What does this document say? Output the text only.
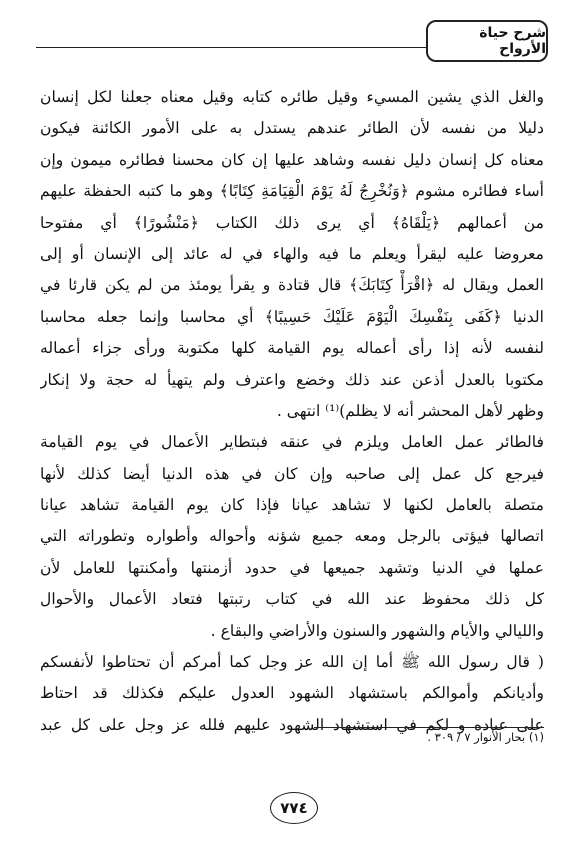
شرح حياة الأرواح
والغل الذي يشين المسيء وقيل طائره كتابه وقيل معناه جعلنا لكل إنسان
دليلا من نفسه لأن الطائر عندهم يستدل به على الأمور الكائنة فيكون
معناه كل إنسان دليل نفسه وشاهد عليها إن كان محسنا فطائره ميمون وإن
أساء فطائره مشوم ﴿وَنُخْرِجُ لَهُ يَوْمَ الْقِيَامَةِ كِتَابًا﴾ وهو ما كتبه الحفظة عليهم
من أعمالهم ﴿يَلْقَاهُ﴾ أي يرى ذلك الكتاب ﴿مَنْشُورًا﴾ أي مفتوحا
معروضا عليه ليقرأ ويعلم ما فيه والهاء في له عائد إلى الإنسان أو إلى
العمل ويقال له ﴿اقْرَأْ كِتَابَكَ﴾ قال قتادة و يقرأ يومئذ من لم يكن قارئا في
الدنيا ﴿كَفَى بِنَفْسِكَ الْيَوْمَ عَلَيْكَ حَسِيبًا﴾ أي محاسبا وإنما جعله محاسبا
لنفسه لأنه إذا رأى أعماله يوم القيامة كلها مكتوبة ورأى جزاء أعماله
مكتوبا بالعدل أذعن عند ذلك وخضع واعترف ولم يتهيأ له حجة ولا إنكار
وظهر لأهل المحشر أنه لا يظلم)⁽¹⁾ انتهى .
فالطائر عمل العامل ويلزم في عنقه فبتطاير الأعمال في يوم القيامة
فيرجع كل عمل إلى صاحبه وإن كان في هذه الدنيا أيضا كذلك لأنها
متصلة بالعامل لكنها لا تشاهد عيانا فإذا كان يوم القيامة تشاهد عيانا
اتصالها فيؤتى بالرجل ومعه جميع شؤنه وأحواله وأطواره وتطوراته التي
عملها في الدنيا وتشهد جميعها في حدود أزمنتها وأمكنتها للعامل لأن
كل ذلك محفوظ عند الله في كتاب رتبتها فتعاد الأعمال والأحوال
والليالي والأيام والشهور والسنون والأراضي والبقاع .
( قال رسول الله ﷺ أما إن الله عز وجل كما أمركم أن تحتاطوا لأنفسكم
وأديانكم وأموالكم باستشهاد الشهود العدول عليكم فكذلك قد احتاط
على عباده و لكم في استشهاد الشهود عليهم فلله عز وجل على كل عبد
(١) بحار الأنوار ٧ / ٣٠٩ .
٧٧٤
